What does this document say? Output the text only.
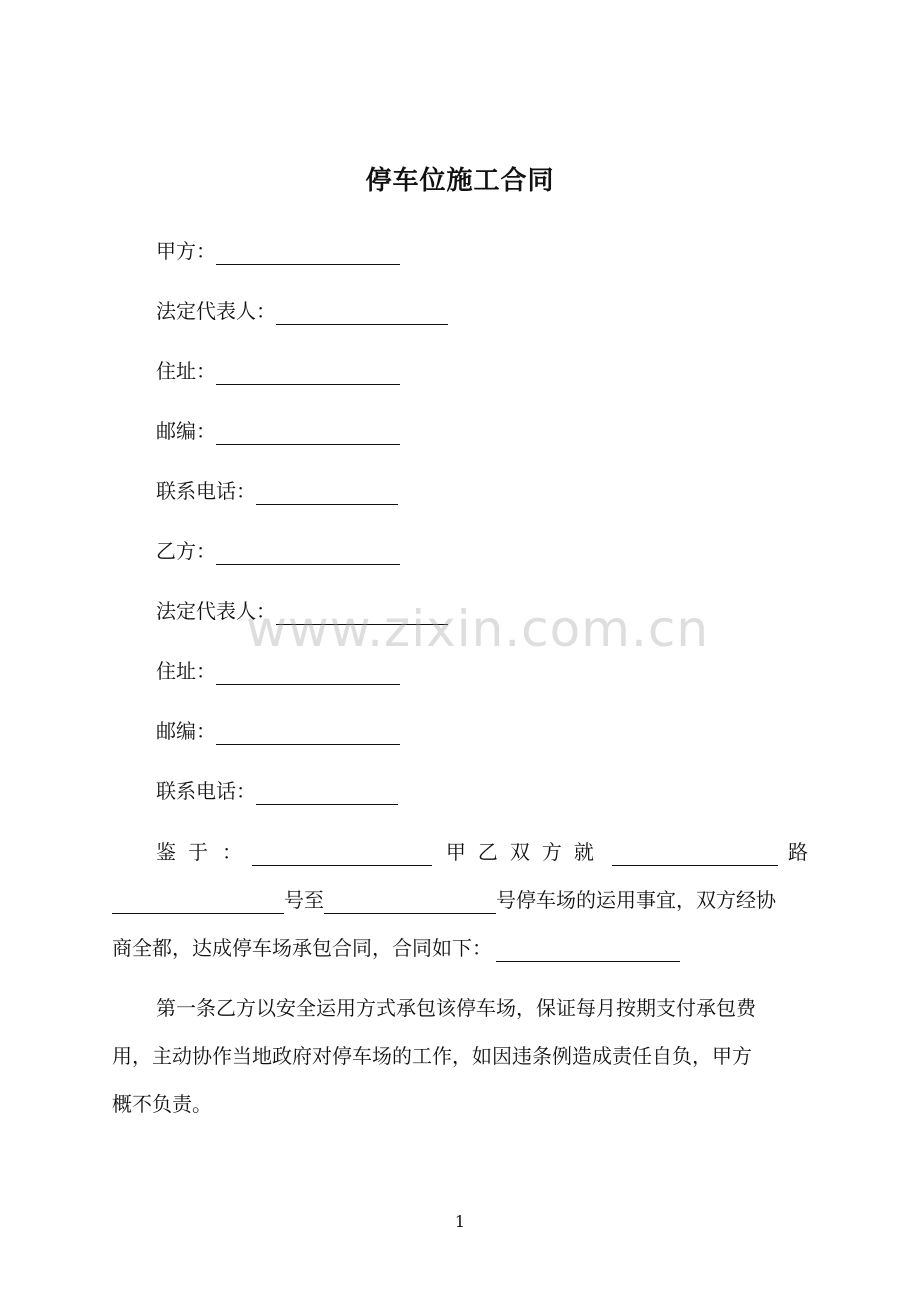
停车位施工合同
甲方：
法定代表人：
住址：
邮编：
联系电话：
乙方：
法定代表人：
住址：
邮编：
联系电话：
鉴 于 ：	甲乙双方就	路
号至	号停车场的运用事宜，双方经协
商全都，达成停车场承包合同，合同如下：
第一条乙方以安全运用方式承包该停车场，保证每月按期支付承包费
用，主动协作当地政府对停车场的工作，如因违条例造成责任自负，甲方
概不负责。
www.zixin.com.cn
1
